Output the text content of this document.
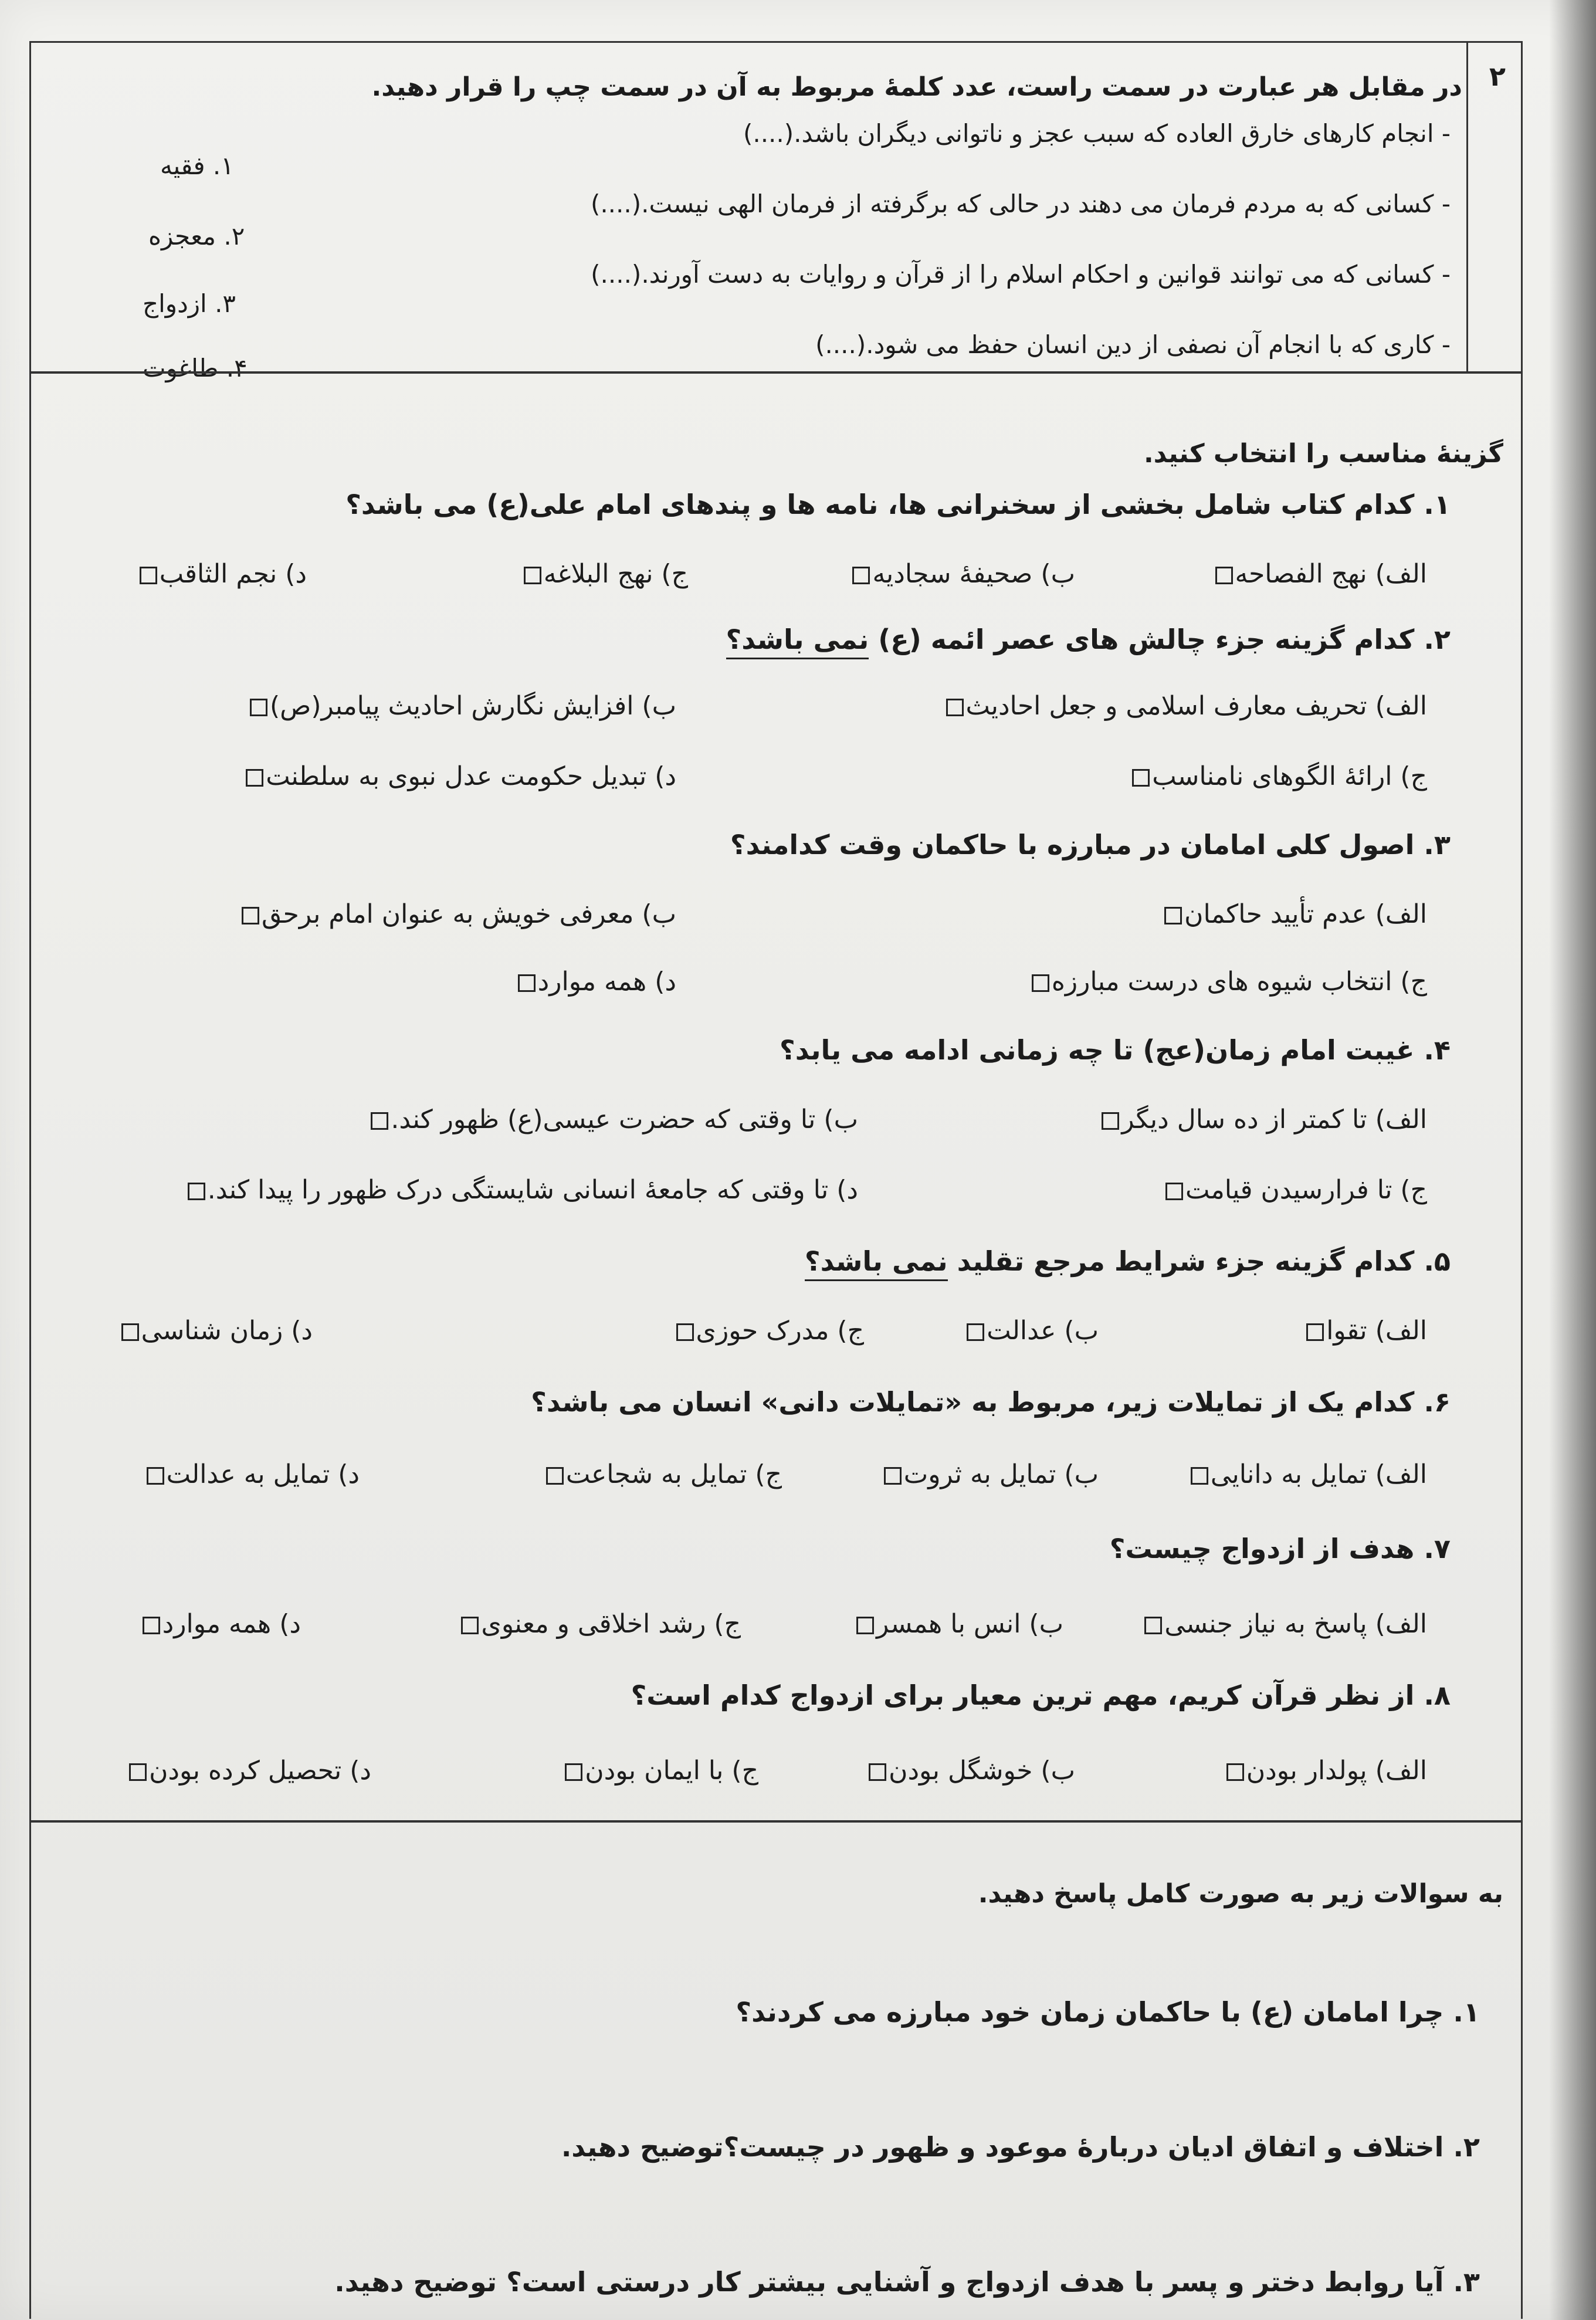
۲
در مقابل هر عبارت در سمت راست، عدد کلمهٔ مربوط به آن در سمت چپ را قرار دهید.
- انجام کارهای خارق العاده که سبب عجز و ناتوانی دیگران باشد.(....)
- کسانی که به مردم فرمان می دهند در حالی که برگرفته از فرمان الهی نیست.(....)
- کسانی که می توانند قوانین و احکام اسلام را از قرآن و روایات به دست آورند.(....)
- کاری که با انجام آن نصفی از دین انسان حفظ می شود.(....)
۱. فقیه
۲. معجزه
۳. ازدواج
۴. طاغوت
گزینهٔ مناسب را انتخاب کنید.
۱. کدام کتاب شامل بخشی از سخنرانی ها، نامه ها و پندهای امام علی(ع) می باشد؟
الف) نهج الفصاحه
ب) صحیفهٔ سجادیه
ج) نهج البلاغه
د) نجم الثاقب
۲. کدام گزینه جزء چالش های عصر ائمه (ع) نمی باشد؟
الف) تحریف معارف اسلامی و جعل احادیث
ب) افزایش نگارش احادیث پیامبر(ص)
ج) ارائهٔ الگوهای نامناسب
د) تبدیل حکومت عدل نبوی به سلطنت
۳. اصول کلی امامان در مبارزه با حاکمان وقت کدامند؟
الف) عدم تأیید حاکمان
ب) معرفی خویش به عنوان امام برحق
ج) انتخاب شیوه های درست مبارزه
د) همه موارد
۴. غیبت امام زمان(عج) تا چه زمانی ادامه می یابد؟
الف) تا کمتر از ده سال دیگر
ب) تا وقتی که حضرت عیسی(ع) ظهور کند.
ج) تا فرارسیدن قیامت
د) تا وقتی که جامعهٔ انسانی شایستگی درک ظهور را پیدا کند.
۵. کدام گزینه جزء شرایط مرجع تقلید نمی باشد؟
الف) تقوا
ب) عدالت
ج) مدرک حوزی
د) زمان شناسی
۶. کدام یک از تمایلات زیر، مربوط به «تمایلات دانی» انسان می باشد؟
الف) تمایل به دانایی
ب) تمایل به ثروت
ج) تمایل به شجاعت
د) تمایل به عدالت
۷. هدف از ازدواج چیست؟
الف) پاسخ به نیاز جنسی
ب) انس با همسر
ج) رشد اخلاقی و معنوی
د) همه موارد
۸. از نظر قرآن کریم، مهم ترین معیار برای ازدواج کدام است؟
الف) پولدار بودن
ب) خوشگل بودن
ج) با ایمان بودن
د) تحصیل کرده بودن
به سوالات زیر به صورت کامل پاسخ دهید.
۱. چرا امامان (ع) با حاکمان زمان خود مبارزه می کردند؟
۲. اختلاف و اتفاق ادیان دربارهٔ موعود و ظهور در چیست؟توضیح دهید.
۳. آیا روابط دختر و پسر با هدف ازدواج و آشنایی بیشتر کار درستی است؟ توضیح دهید.
